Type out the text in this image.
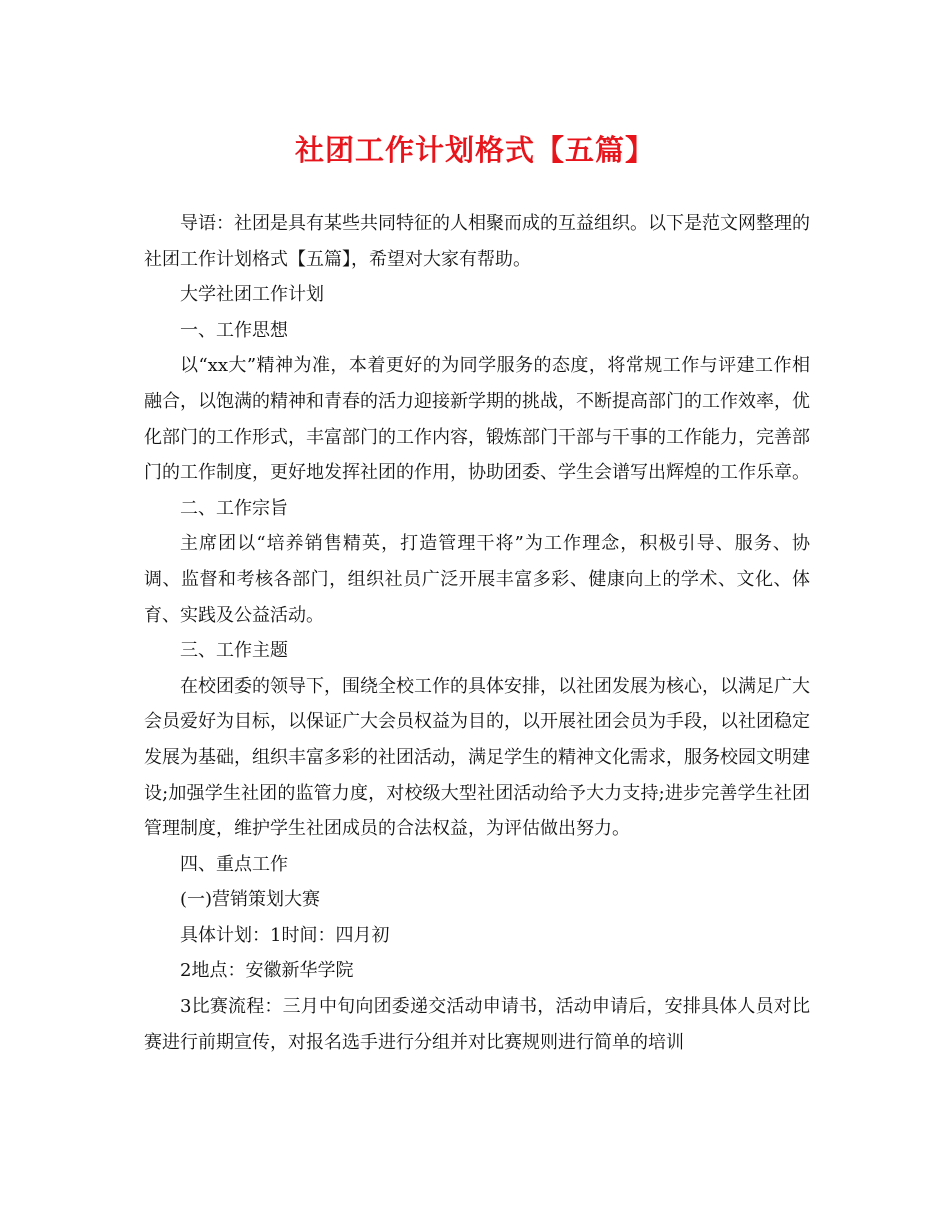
社团工作计划格式【五篇】

导语：社团是具有某些共同特征的人相聚而成的互益组织。以下是范文网整理的社团工作计划格式【五篇】，希望对大家有帮助。

大学社团工作计划

一、工作思想

以“xx大”精神为准，本着更好的为同学服务的态度，将常规工作与评建工作相融合，以饱满的精神和青春的活力迎接新学期的挑战，不断提高部门的工作效率，优化部门的工作形式，丰富部门的工作内容，锻炼部门干部与干事的工作能力，完善部门的工作制度，更好地发挥社团的作用，协助团委、学生会谱写出辉煌的工作乐章。

二、工作宗旨

主席团以“培养销售精英，打造管理干将”为工作理念，积极引导、服务、协调、监督和考核各部门，组织社员广泛开展丰富多彩、健康向上的学术、文化、体育、实践及公益活动。

三、工作主题

在校团委的领导下，围绕全校工作的具体安排，以社团发展为核心，以满足广大会员爱好为目标，以保证广大会员权益为目的，以开展社团会员为手段，以社团稳定发展为基础，组织丰富多彩的社团活动，满足学生的精神文化需求，服务校园文明建设;加强学生社团的监管力度，对校级大型社团活动给予大力支持;进步完善学生社团管理制度，维护学生社团成员的合法权益，为评估做出努力。

四、重点工作

(一)营销策划大赛

具体计划：1时间：四月初

2地点：安徽新华学院

3比赛流程：三月中旬向团委递交活动申请书，活动申请后，安排具体人员对比赛进行前期宣传，对报名选手进行分组并对比赛规则进行简单的培训
